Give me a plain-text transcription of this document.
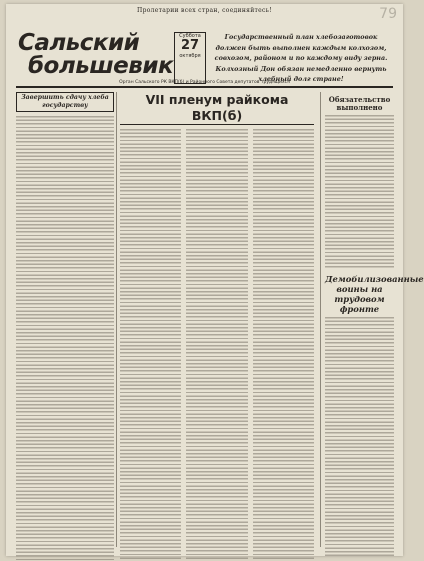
Пролетарии всех стран, соединяйтесь!	79
Сальский
большевик
Суббота
27
октября
Государственный план хлебозаготовок должен быть выполнен каждым колхозом, совхозом, районом и по каждому виду зерна. Колхозный Дон обязан немедленно вернуть хлебный долг стране!
Орган Сальского РК ВКП(б) и Районного Совета депутатов трудящихся
Завершить сдачу хлеба государству	VII пленум райкома ВКП(б)
Обязательство выполнено
Демобилизованные воины на трудовом фронте
